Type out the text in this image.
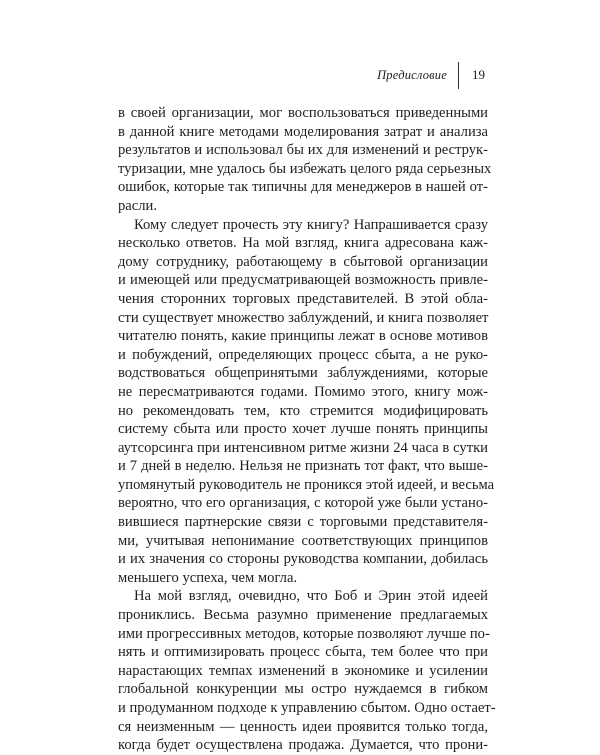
Предисловие 19
в своей организации, мог воспользоваться приведенными
в данной книге методами моделирования затрат и анализа
результатов и использовал бы их для изменений и реструк-
туризации, мне удалось бы избежать целого ряда серьезных
ошибок, которые так типичны для менеджеров в нашей от-
расли.
Кому следует прочесть эту книгу? Напрашивается сразу
несколько ответов. На мой взгляд, книга адресована каж-
дому сотруднику, работающему в сбытовой организации
и имеющей или предусматривающей возможность привле-
чения сторонних торговых представителей. В этой обла-
сти существует множество заблуждений, и книга позволяет
читателю понять, какие принципы лежат в основе мотивов
и побуждений, определяющих процесс сбыта, а не руко-
водствоваться общепринятыми заблуждениями, которые
не пересматриваются годами. Помимо этого, книгу мож-
но рекомендовать тем, кто стремится модифицировать
систему сбыта или просто хочет лучше понять принципы
аутсорсинга при интенсивном ритме жизни 24 часа в сутки
и 7 дней в неделю. Нельзя не признать тот факт, что выше-
упомянутый руководитель не проникся этой идеей, и весьма
вероятно, что его организация, с которой уже были устано-
вившиеся партнерские связи с торговыми представителя-
ми, учитывая непонимание соответствующих принципов
и их значения со стороны руководства компании, добилась
меньшего успеха, чем могла.
На мой взгляд, очевидно, что Боб и Эрин этой идеей
прониклись. Весьма разумно применение предлагаемых
ими прогрессивных методов, которые позволяют лучше по-
нять и оптимизировать процесс сбыта, тем более что при
нарастающих темпах изменений в экономике и усилении
глобальной конкуренции мы остро нуждаемся в гибком
и продуманном подходе к управлению сбытом. Одно остает-
ся неизменным — ценность идеи проявится только тогда,
когда будет осуществлена продажа. Думается, что прони-
